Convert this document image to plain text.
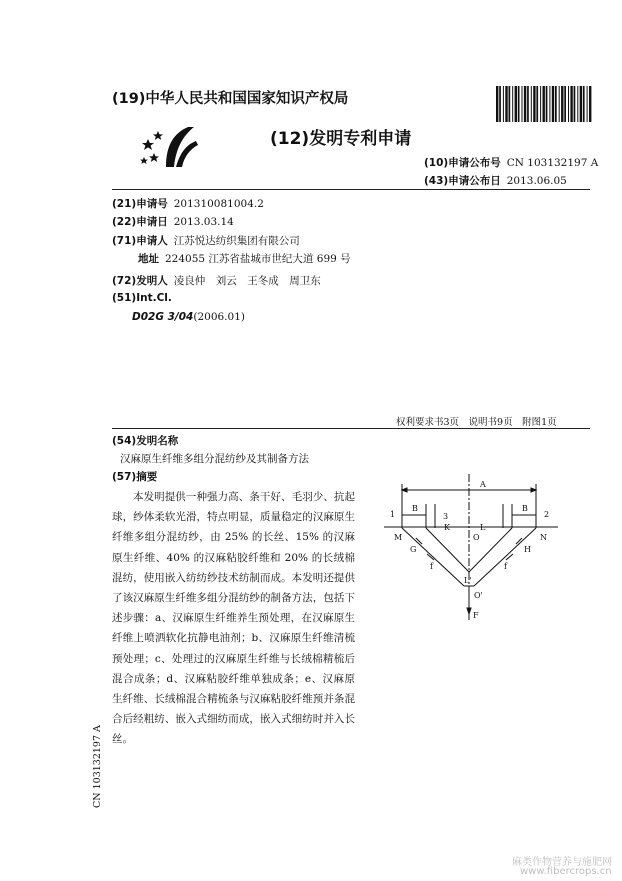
(19)中华人民共和国国家知识产权局
(12)发明专利申请
(10)申请公布号 CN 103132197 A
(43)申请公布日 2013.06.05
(21)申请号 201310081004.2
(22)申请日 2013.03.14
(71)申请人 江苏悦达纺织集团有限公司
地址 224055 江苏省盐城市世纪大道 699 号
(72)发明人 凌良仲　刘云　王冬成　周卫东
(51)Int.Cl.
D02G 3/04(2006.01)
权利要求书3页　说明书9页　附图1页
(54)发明名称
汉麻原生纤维多组分混纺纱及其制备方法
(57)摘要
本发明提供一种强力高、条干好、毛羽少、抗起球，纱体柔软光滑，特点明显，质量稳定的汉麻原生纤维多组分混纺纱，由 25% 的长丝、15% 的汉麻原生纤维、40% 的汉麻粘胶纤维和 20% 的长绒棉混纺，使用嵌入纺纺纱技术纺制而成。本发明还提供了该汉麻原生纤维多组分混纺纱的制备方法，包括下述步骤：a、汉麻原生纤维养生预处理，在汉麻原生纤维上喷洒软化抗静电油剂；b、汉麻原生纤维清梳预处理；c、处理过的汉麻原生纤维与长绒棉精梳后混合成条；d、汉麻粘胶纤维单独成条；e、汉麻原生纤维、长绒棉混合精梳条与汉麻粘胶纤维预并条混合后经粗纺、嵌入式细纺而成，嵌入式细纺时并入长丝。
A
B	B
1	2
3
K	L
M	O	N
G	H
f	f
L'
O'
F
CN 103132197 A
麻类作物营养与施肥网
www.fibercrops.cn
